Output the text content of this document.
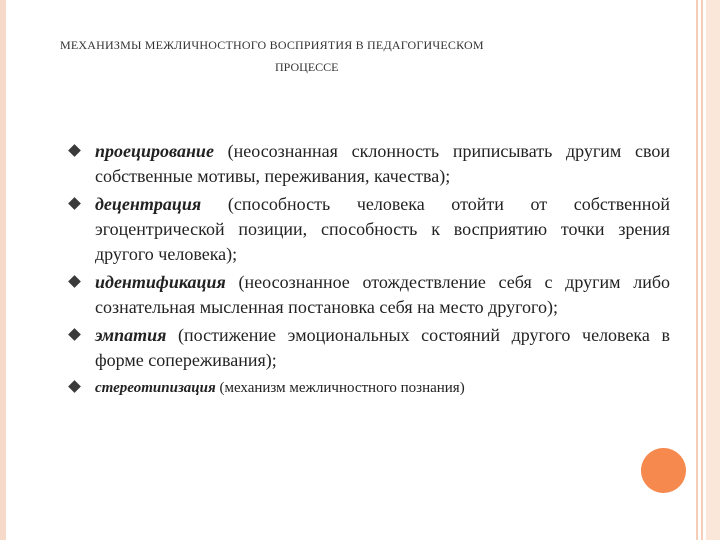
МЕХАНИЗМЫ МЕЖЛИЧНОСТНОГО ВОСПРИЯТИЯ В ПЕДАГОГИЧЕСКОМ
ПРОЦЕССЕ
проецирование (неосознанная склонность приписывать другим свои собственные мотивы, переживания, качества);
децентрация (способность человека отойти от собственной эгоцентрической позиции, способность к восприятию точки зрения другого человека);
идентификация (неосознанное отождествление себя с другим либо сознательная мысленная постановка себя на место другого);
эмпатия (постижение эмоциональных состояний другого человека в форме сопереживания);
стереотипизация (механизм межличностного познания)
